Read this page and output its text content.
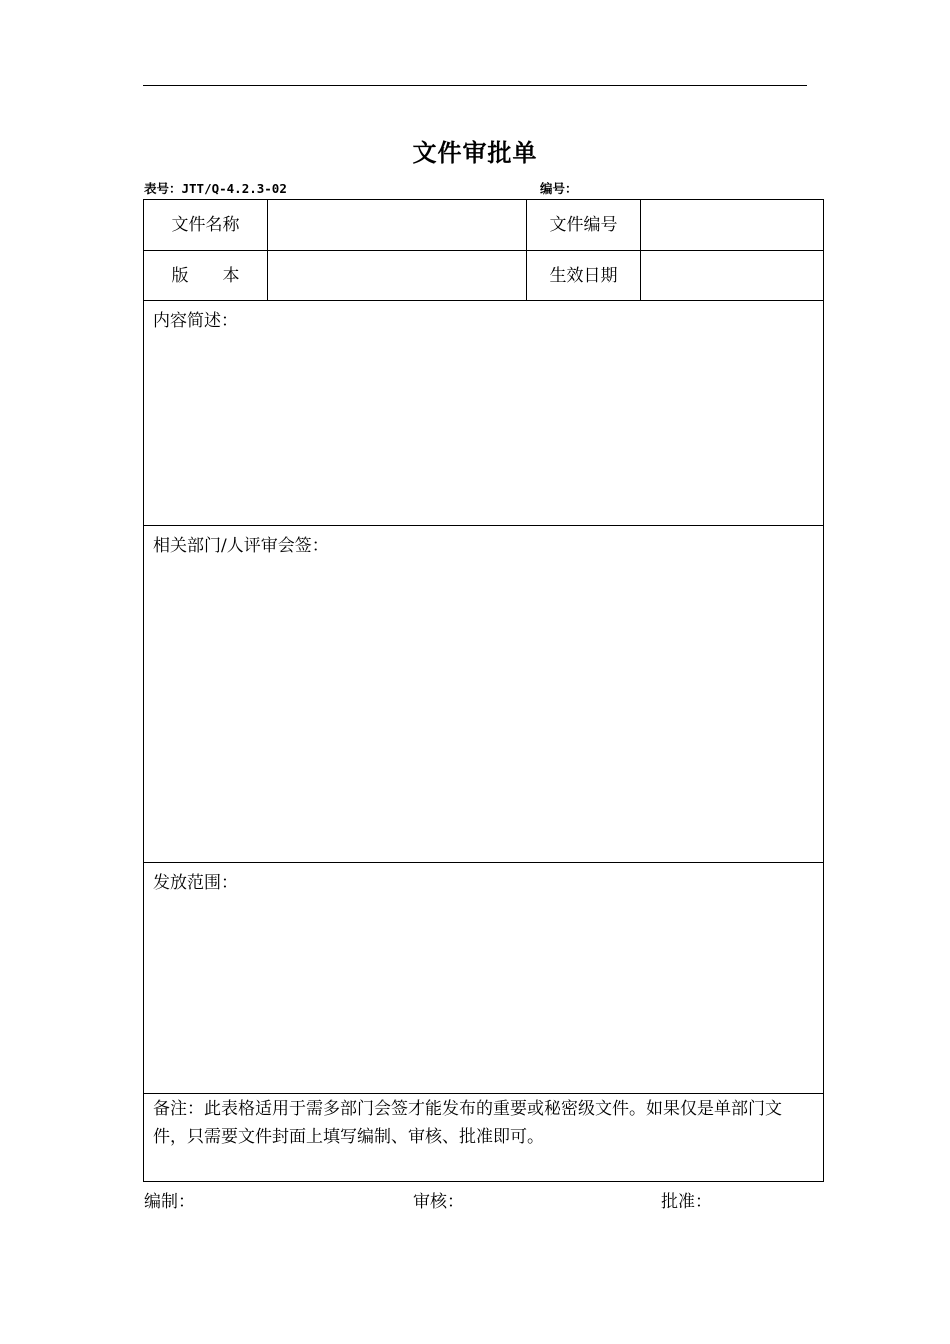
文件审批单
表号：JTT/Q-4.2.3-02	编号：
文件名称	文件编号
版　　本	生效日期
内容简述：
相关部门/人评审会签：
发放范围：
备注：此表格适用于需多部门会签才能发布的重要或秘密级文件。如果仅是单部门文件，只需要文件封面上填写编制、审核、批准即可。
编制：	审核：	批准：
